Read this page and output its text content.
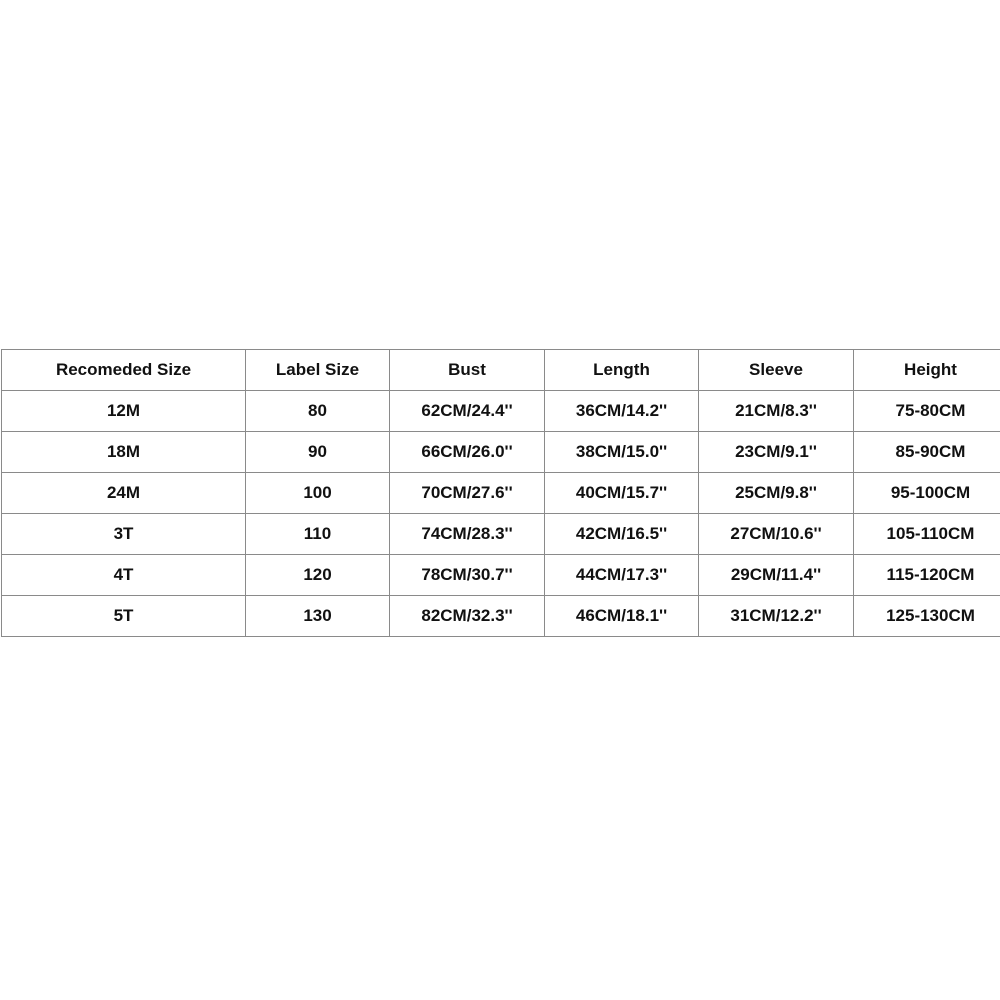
Recomeded Size	Label Size	Bust	Length	Sleeve	Height
12M	80	62CM/24.4''	36CM/14.2''	21CM/8.3''	75-80CM
18M	90	66CM/26.0''	38CM/15.0''	23CM/9.1''	85-90CM
24M	100	70CM/27.6''	40CM/15.7''	25CM/9.8''	95-100CM
3T	110	74CM/28.3''	42CM/16.5''	27CM/10.6''	105-110CM
4T	120	78CM/30.7''	44CM/17.3''	29CM/11.4''	115-120CM
5T	130	82CM/32.3''	46CM/18.1''	31CM/12.2''	125-130CM
